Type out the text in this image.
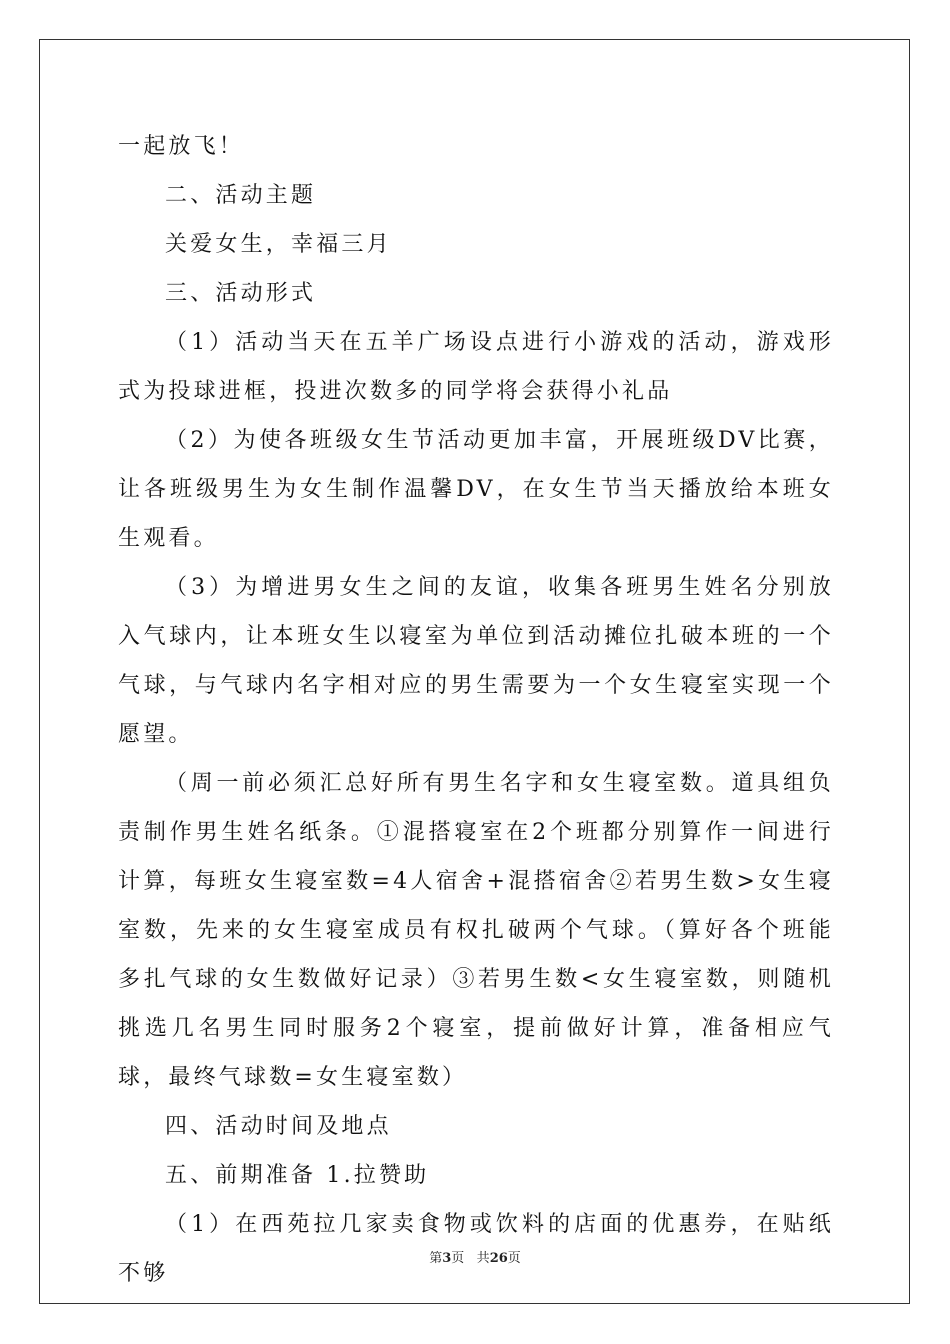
一起放飞！

二、活动主题

关爱女生，幸福三月

三、活动形式

（1）活动当天在五羊广场设点进行小游戏的活动，游戏形式为投球进框，投进次数多的同学将会获得小礼品

（2）为使各班级女生节活动更加丰富，开展班级DV比赛，让各班级男生为女生制作温馨DV，在女生节当天播放给本班女生观看。

（3）为增进男女生之间的友谊，收集各班男生姓名分别放入气球内，让本班女生以寝室为单位到活动摊位扎破本班的一个气球，与气球内名字相对应的男生需要为一个女生寝室实现一个愿望。

（周一前必须汇总好所有男生名字和女生寝室数。道具组负责制作男生姓名纸条。①混搭寝室在2个班都分别算作一间进行计算，每班女生寝室数=4人宿舍+混搭宿舍②若男生数>女生寝室数，先来的女生寝室成员有权扎破两个气球。（算好各个班能多扎气球的女生数做好记录）③若男生数<女生寝室数，则随机挑选几名男生同时服务2个寝室，提前做好计算，准备相应气球，最终气球数=女生寝室数）

四、活动时间及地点

五、前期准备 1.拉赞助

（1）在西苑拉几家卖食物或饮料的店面的优惠券，在贴纸不够

第3页 共26页
